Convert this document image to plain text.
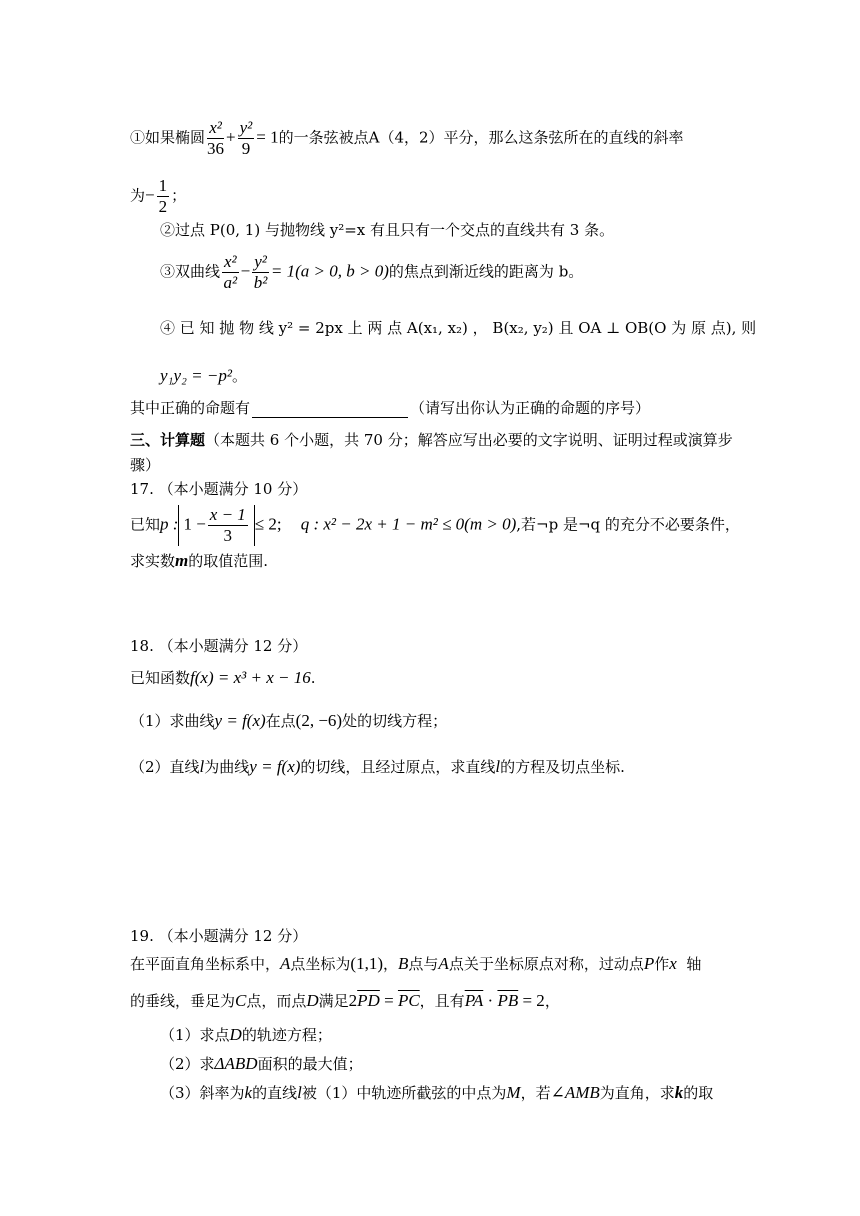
①如果椭圆 $\frac{\text{x²}}{36} + \frac{\text{y²}}{9} = 1$的一条弦被点A（4，2）平分，那么这条弦所在的直线的斜率
为− $\frac{1}{2}$ ；
②过点 P(0, 1) 与抛物线 y²=x 有且只有一个交点的直线共有 3 条。
③双曲线 $\frac{\text{x²}}{\text{a²}} - \frac{\text{y²}}{\text{b²}} = 1(a > 0$, b > 0)的焦点到渐近线的距离为 b。
④ 已 知 抛 物 线 y² = 2px 上 两 点 A(x₁, x₂) ， B(x₂, y₂) 且 OA ⊥ OB(O 为 原 点), 则
y₁y₂ = −p²。
其中正确的命题有	（请写出你认为正确的命题的序号）
三、计算题（本题共 6 个小题，共 70 分；解答应写出必要的文字说明、证明过程或演算步
骤）
17. （本小题满分 10 分）
已知p : $1 - \frac{x - 1}{3} \le 2$; q : x² − 2x + 1 − m² ≤ 0(m > 0),若¬p 是¬q 的充分不必要条件，
求实数m的取值范围.
18. （本小题满分 12 分）
已知函数f(x) = x³ + x − 16.
（1）求曲线y = f(x)在点(2, −6)处的切线方程；
（2）直线l为曲线y = f(x)的切线，且经过原点，求直线l的方程及切点坐标.
19. （本小题满分 12 分）
在平面直角坐标系中，A点坐标为(1,1)，B点与A点关于坐标原点对称，过动点P作x 轴
的垂线，垂足为C点，而点D满足$2\overline{PD} = \overline{PC}$，且有$\overline{PA} \cdot \overline{PB} = 2$，
（1）求点D的轨迹方程；
（2）求ΔABD面积的最大值；
（3）斜率为k的直线l被（1）中轨迹所截弦的中点为M，若∠AMB为直角，求k的取
